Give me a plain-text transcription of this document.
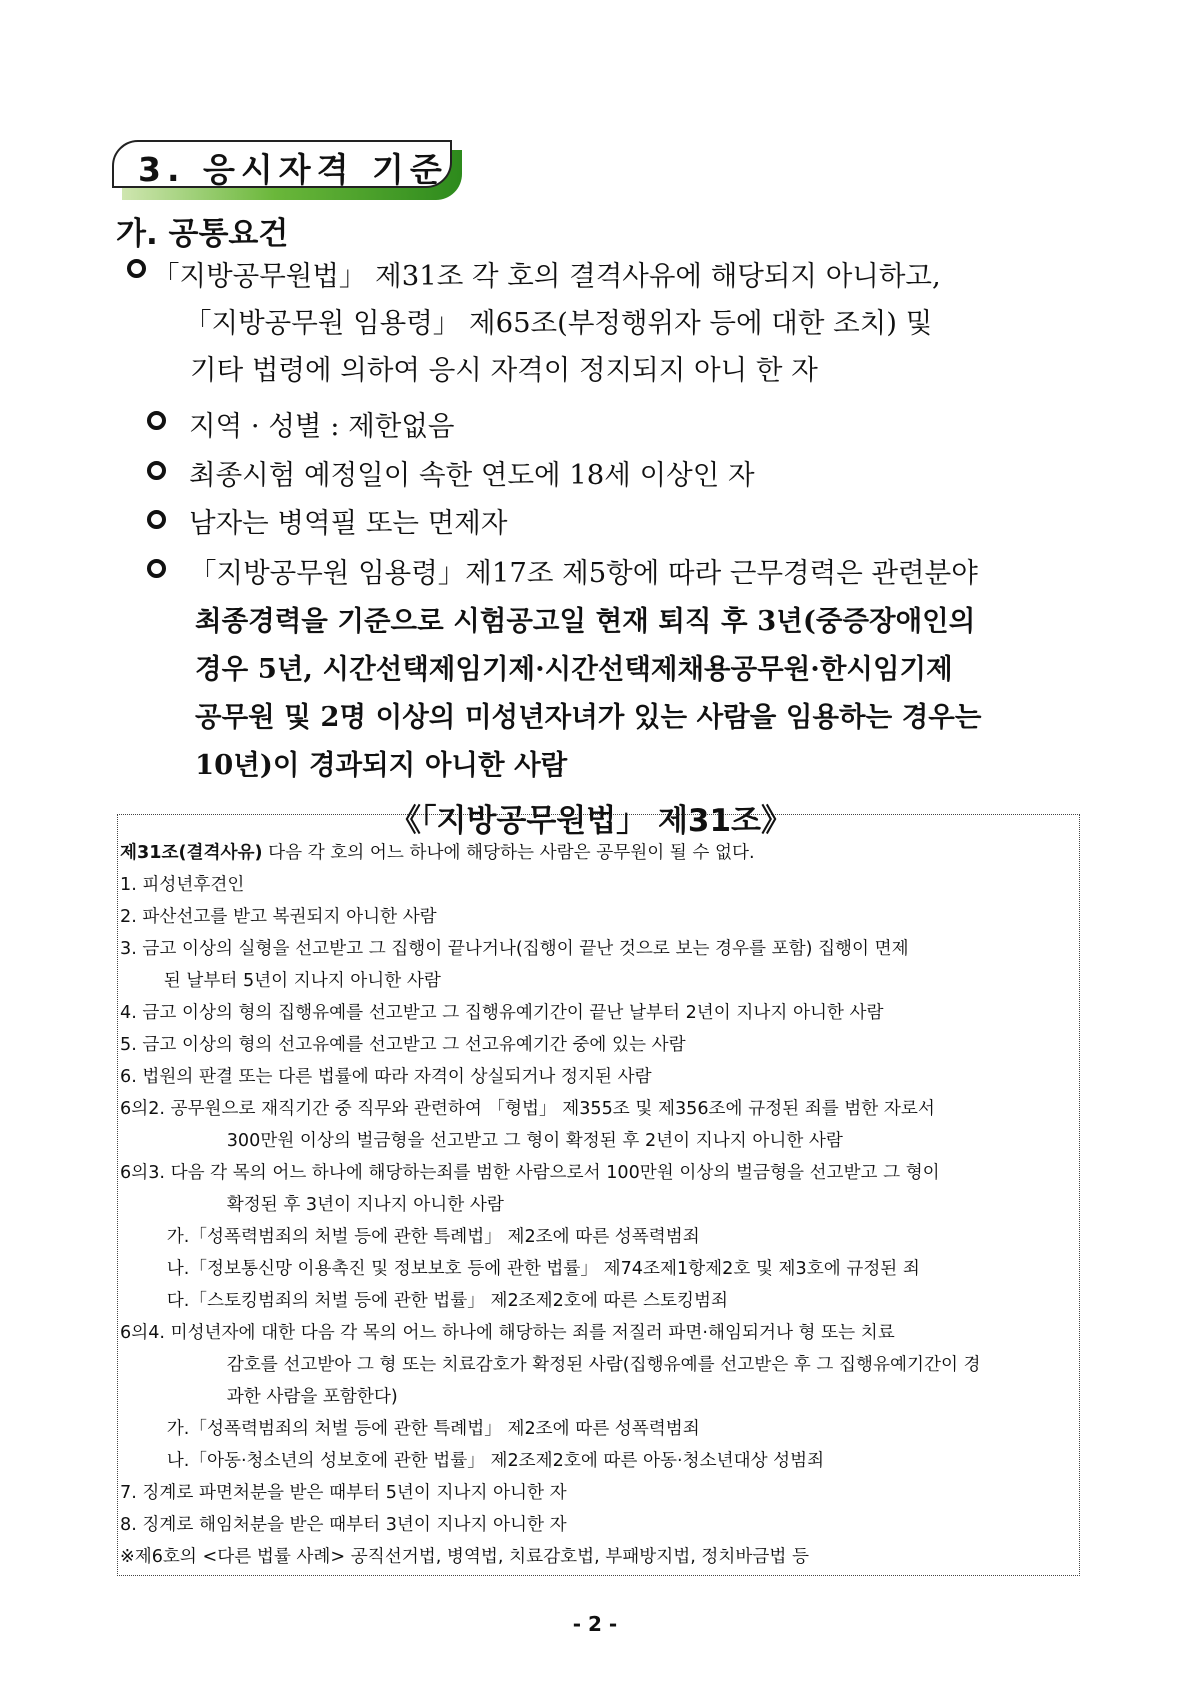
3. 응시자격 기준
가. 공통요건
「지방공무원법」 제31조 각 호의 결격사유에 해당되지 아니하고,
「지방공무원 임용령」 제65조(부정행위자 등에 대한 조치) 및
기타 법령에 의하여 응시 자격이 정지되지 아니 한 자
지역 · 성별 : 제한없음
최종시험 예정일이 속한 연도에 18세 이상인 자
남자는 병역필 또는 면제자
「지방공무원 임용령」제17조 제5항에 따라 근무경력은 관련분야
최종경력을 기준으로 시험공고일 현재 퇴직 후 3년(중증장애인의
경우 5년, 시간선택제임기제·시간선택제채용공무원·한시임기제
공무원 및 2명 이상의 미성년자녀가 있는 사람을 임용하는 경우는
10년)이 경과되지 아니한 사람
《「지방공무원법」 제31조》
제31조(결격사유) 다음 각 호의 어느 하나에 해당하는 사람은 공무원이 될 수 없다.
1. 피성년후견인
2. 파산선고를 받고 복권되지 아니한 사람
3. 금고 이상의 실형을 선고받고 그 집행이 끝나거나(집행이 끝난 것으로 보는 경우를 포함) 집행이 면제
된 날부터 5년이 지나지 아니한 사람
4. 금고 이상의 형의 집행유예를 선고받고 그 집행유예기간이 끝난 날부터 2년이 지나지 아니한 사람
5. 금고 이상의 형의 선고유예를 선고받고 그 선고유예기간 중에 있는 사람
6. 법원의 판결 또는 다른 법률에 따라 자격이 상실되거나 정지된 사람
6의2. 공무원으로 재직기간 중 직무와 관련하여 「형법」 제355조 및 제356조에 규정된 죄를 범한 자로서
300만원 이상의 벌금형을 선고받고 그 형이 확정된 후 2년이 지나지 아니한 사람
6의3. 다음 각 목의 어느 하나에 해당하는죄를 범한 사람으로서 100만원 이상의 벌금형을 선고받고 그 형이
확정된 후 3년이 지나지 아니한 사람
가.「성폭력범죄의 처벌 등에 관한 특례법」 제2조에 따른 성폭력범죄
나.「정보통신망 이용촉진 및 정보보호 등에 관한 법률」 제74조제1항제2호 및 제3호에 규정된 죄
다.「스토킹범죄의 처벌 등에 관한 법률」 제2조제2호에 따른 스토킹범죄
6의4. 미성년자에 대한 다음 각 목의 어느 하나에 해당하는 죄를 저질러 파면·해임되거나 형 또는 치료
감호를 선고받아 그 형 또는 치료감호가 확정된 사람(집행유예를 선고받은 후 그 집행유예기간이 경
과한 사람을 포함한다)
가.「성폭력범죄의 처벌 등에 관한 특례법」 제2조에 따른 성폭력범죄
나.「아동·청소년의 성보호에 관한 법률」 제2조제2호에 따른 아동·청소년대상 성범죄
7. 징계로 파면처분을 받은 때부터 5년이 지나지 아니한 자
8. 징계로 해임처분을 받은 때부터 3년이 지나지 아니한 자
※제6호의 <다른 법률 사례> 공직선거법, 병역법, 치료감호법, 부패방지법, 정치바금법 등
- 2 -
